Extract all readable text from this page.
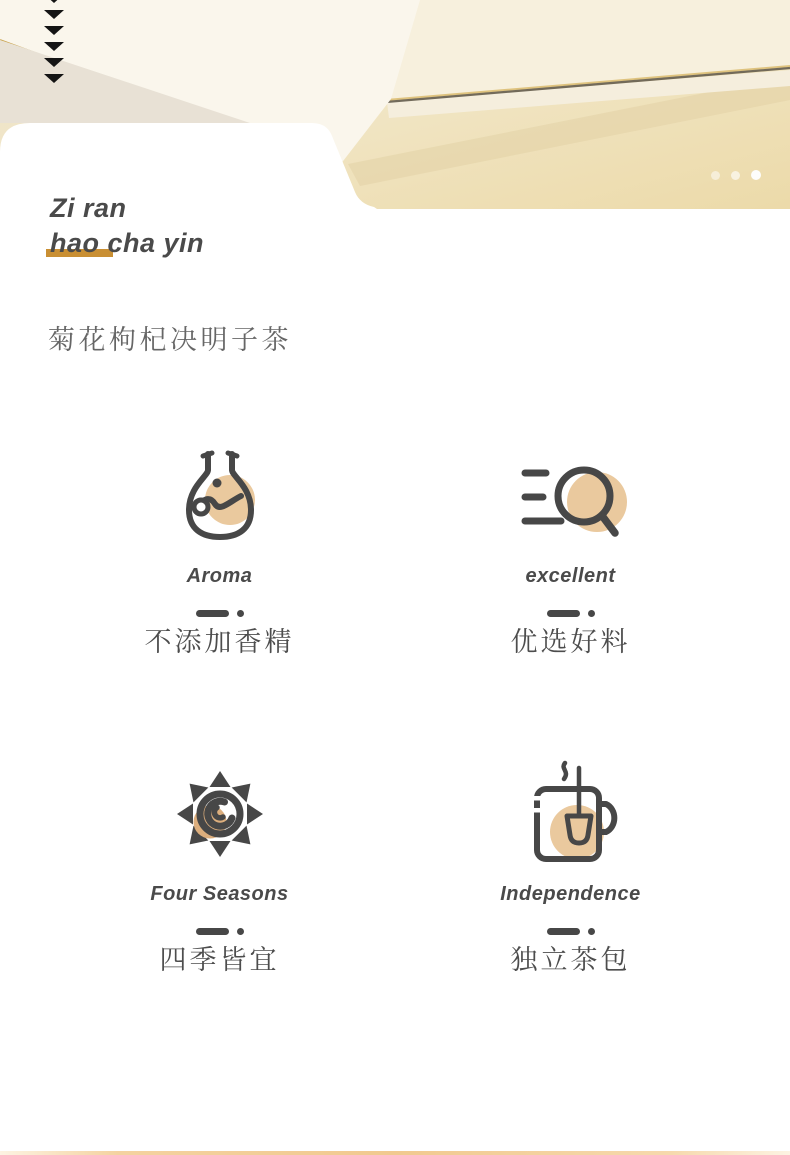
Zi ran
hao cha yin
菊花枸杞决明子茶
Aroma
不添加香精
excellent
优选好料
Four Seasons
四季皆宜
Independence
独立茶包
